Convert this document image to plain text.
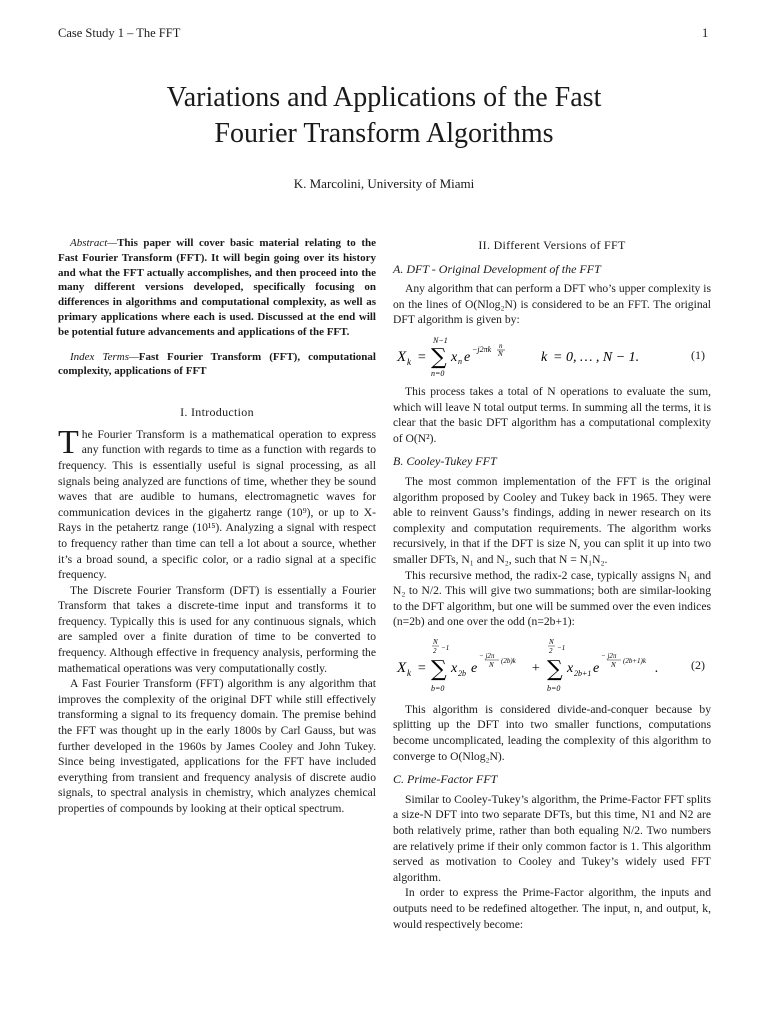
Case Study 1 – The FFT	1
Variations and Applications of the Fast
Fourier Transform Algorithms
K. Marcolini, University of Miami

Abstract—This paper will cover basic material relating to the Fast Fourier Transform (FFT). It will begin going over its history and what the FFT actually accomplishes, and then proceed into the many different versions developed, specifically focusing on differences in algorithms and computational complexity, as well as primary applications where each is used. Discussed at the end will be potential future advancements and applications of the FFT.

Index Terms—Fast Fourier Transform (FFT), computational complexity, applications of FFT

I. Introduction

The Fourier Transform is a mathematical operation to express any function with regards to time as a function with regards to frequency. This is essentially useful is signal processing, as all signals being analyzed are functions of time, whether they be sound waves that are audible to humans, electromagnetic waves for communication devices in the gigahertz range (10⁹), or up to X-Rays in the petahertz range (10¹⁵). Analyzing a signal with respect to frequency rather than time can tell a lot about a source, whether it’s a broad sound, a specific color, or a radio signal at a specific frequency.

The Discrete Fourier Transform (DFT) is essentially a Fourier Transform that takes a discrete-time input and transforms it to frequency. Typically this is used for any continuous signals, which are sampled over a finite duration of time to be converted to frequency. Although effective in frequency analysis, performing the mathematical operations was very computationally costly.

A Fast Fourier Transform (FFT) algorithm is any algorithm that improves the complexity of the original DFT while still effectively transforming a signal to its frequency domain. The premise behind the FFT was thought up in the early 1800s by Carl Gauss, but was further developed in the 1960s by James Cooley and John Tukey. Since being investigated, applications for the FFT have included everything from transient and frequency analysis of discrete audio signals, to spectral analysis in chemistry, which analyzes chemical properties of compounds by looking at their optical spectrum.

II. Different Versions of FFT
A. DFT - Original Development of the FFT

Any algorithm that can perform a DFT who’s upper complexity is on the lines of O(Nlog₂N) is considered to be an FFT. The original DFT algorithm is given by:

X k = ∑
N−1
n=0
x n e
−j2πk n
N	k = 0, … , N − 1.	(1)

This process takes a total of N operations to evaluate the sum, which will leave N total output terms. In summing all the terms, it is clear that the basic DFT algorithm has a computational complexity of O(N²).

B. Cooley-Tukey FFT

The most common implementation of the FFT is the original algorithm proposed by Cooley and Tukey back in 1965. They were able to reinvent Gauss’s findings, adding in newer research on its complexity and computation requirements. The algorithm works recursively, in that if the DFT is size N, you can split it up into two smaller DFTs, N₁ and N₂, such that N = N₁N₂.

This recursive method, the radix-2 case, typically assigns N₁ and N₂ to N/2. This will give two summations; both are similar-looking to the DFT algorithm, but one will be summed over the even indices (n=2b) and one over the odd (n=2b+1):

X k =
N
2 −1
∑
b=0
x 2b e
− j2π
N (2b)k +
N
2 −1
∑
b=0
x 2b+1 e
− j2π
N (2b+1)k .	(2)

This algorithm is considered divide-and-conquer because by splitting up the DFT into two smaller functions, computations become uncomplicated, leading the complexity of this algorithm to converge to O(Nlog₂N).

C. Prime-Factor FFT

Similar to Cooley-Tukey’s algorithm, the Prime-Factor FFT splits a size-N DFT into two separate DFTs, but this time, N1 and N2 are both relatively prime, rather than both equaling N/2. Two numbers are relatively prime if their only common factor is 1. This algorithm served as motivation to Cooley and Tukey’s widely used FFT algorithm.

In order to express the Prime-Factor algorithm, the inputs and outputs need to be redefined altogether. The input, n, and output, k, would respectively become:
